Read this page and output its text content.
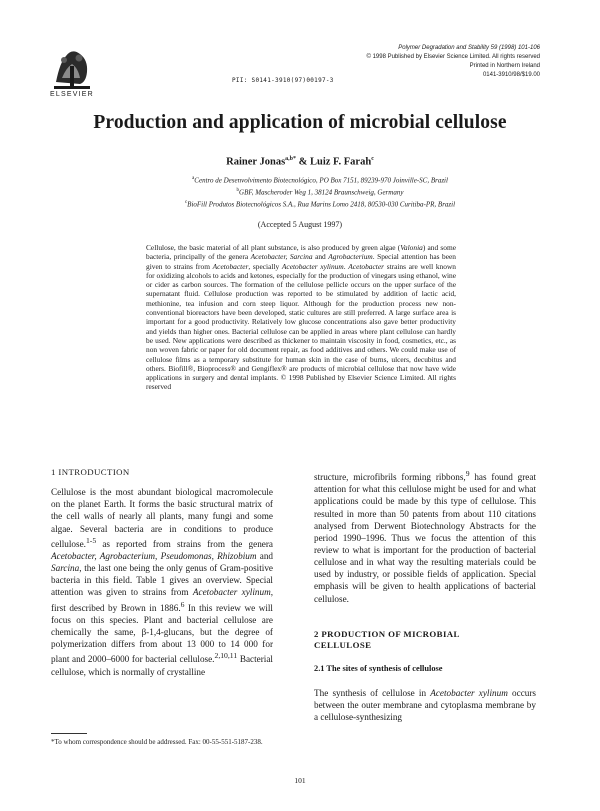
ELSEVIER
PII: S0141-3910(97)00197-3
Polymer Degradation and Stability 59 (1998) 101-106
© 1998 Published by Elsevier Science Limited. All rights reserved
Printed in Northern Ireland
0141-3910/98/$19.00
Production and application of microbial cellulose
Rainer Jonas$^{a,b*}$ & Luiz F. Farah$^c$
$^a$Centro de Desenvolvimento Biotecnológico, PO Box 7151, 89239-970 Joinville-SC, Brazil
$^b$GBF, Mascheroder Weg 1, 38124 Braunschweig, Germany
$^c$BioFill Produtos Biotecnológicos S.A., Rua Marins Lomo 2418, 80530-030 Curitiba-PR, Brazil
(Accepted 5 August 1997)
Cellulose, the basic material of all plant substance, is also produced by green algae (Valonia) and some bacteria, principally of the genera Acetobacter, Sarcina and Agrobacterium. Special attention has been given to strains from Acetobacter, specially Acetobacter xylinum. Acetobacter strains are well known for oxidizing alcohols to acids and ketones, especially for the production of vinegars using ethanol, wine or cider as carbon sources. The formation of the cellulose pellicle occurs on the upper surface of the supernatant fluid. Cellulose production was reported to be stimulated by addition of lactic acid, methionine, tea infusion and corn steep liquor. Although for the production process new non-conventional bioreactors have been developed, static cultures are still preferred. A large surface area is important for a good productivity. Relatively low glucose concentrations also gave better productivity and yields than higher ones. Bacterial cellulose can be applied in areas where plant cellulose can hardly be used. New applications were described as thickener to maintain viscosity in food, cosmetics, etc., as non woven fabric or paper for old document repair, as food additives and others. We could make use of cellulose films as a temporary substitute for human skin in the case of burns, ulcers, decubitus and others. Biofill®, Bioprocess® and Gengiflex® are products of microbial cellulose that now have wide applications in surgery and dental implants. © 1998 Published by Elsevier Science Limited. All rights reserved
1 INTRODUCTION

Cellulose is the most abundant biological macromolecule on the planet Earth. It forms the basic structural matrix of the cell walls of nearly all plants, many fungi and some algae. Several bacteria are in conditions to produce cellulose.$^{1-5}$ as reported from strains from the genera Acetobacter, Agrobacterium, Pseudomonas, Rhizobium and Sarcina, the last one being the only genus of Gram-positive bacteria in this field. Table 1 gives an overview. Special attention was given to strains from Acetobacter xylinum, first described by Brown in 1886.$^6$ In this review we will focus on this species. Plant and bacterial cellulose are chemically the same, β-1,4-glucans, but the degree of polymerization differs from about 13 000 to 14 000 for plant and 2000–6000 for bacterial cellulose.$^{2,10,11}$ Bacterial cellulose, which is normally of crystalline

structure, microfibrils forming ribbons,$^9$ has found great attention for what this cellulose might be used for and what applications could be made by this type of cellulose. This resulted in more than 50 patents from about 110 citations analysed from Derwent Biotechnology Abstracts for the period 1990–1996. Thus we focus the attention of this review to what is important for the production of bacterial cellulose and in what way the resulting materials could be used by industry, or possible fields of application. Special emphasis will be given to health applications of bacterial cellulose.

2 PRODUCTION OF MICROBIAL
CELLULOSE
2.1 The sites of synthesis of cellulose

The synthesis of cellulose in Acetobacter xylinum occurs between the outer membrane and cytoplasma membrane by a cellulose-synthesizing

*To whom correspondence should be addressed. Fax: 00-55-551-5187-238.
101
